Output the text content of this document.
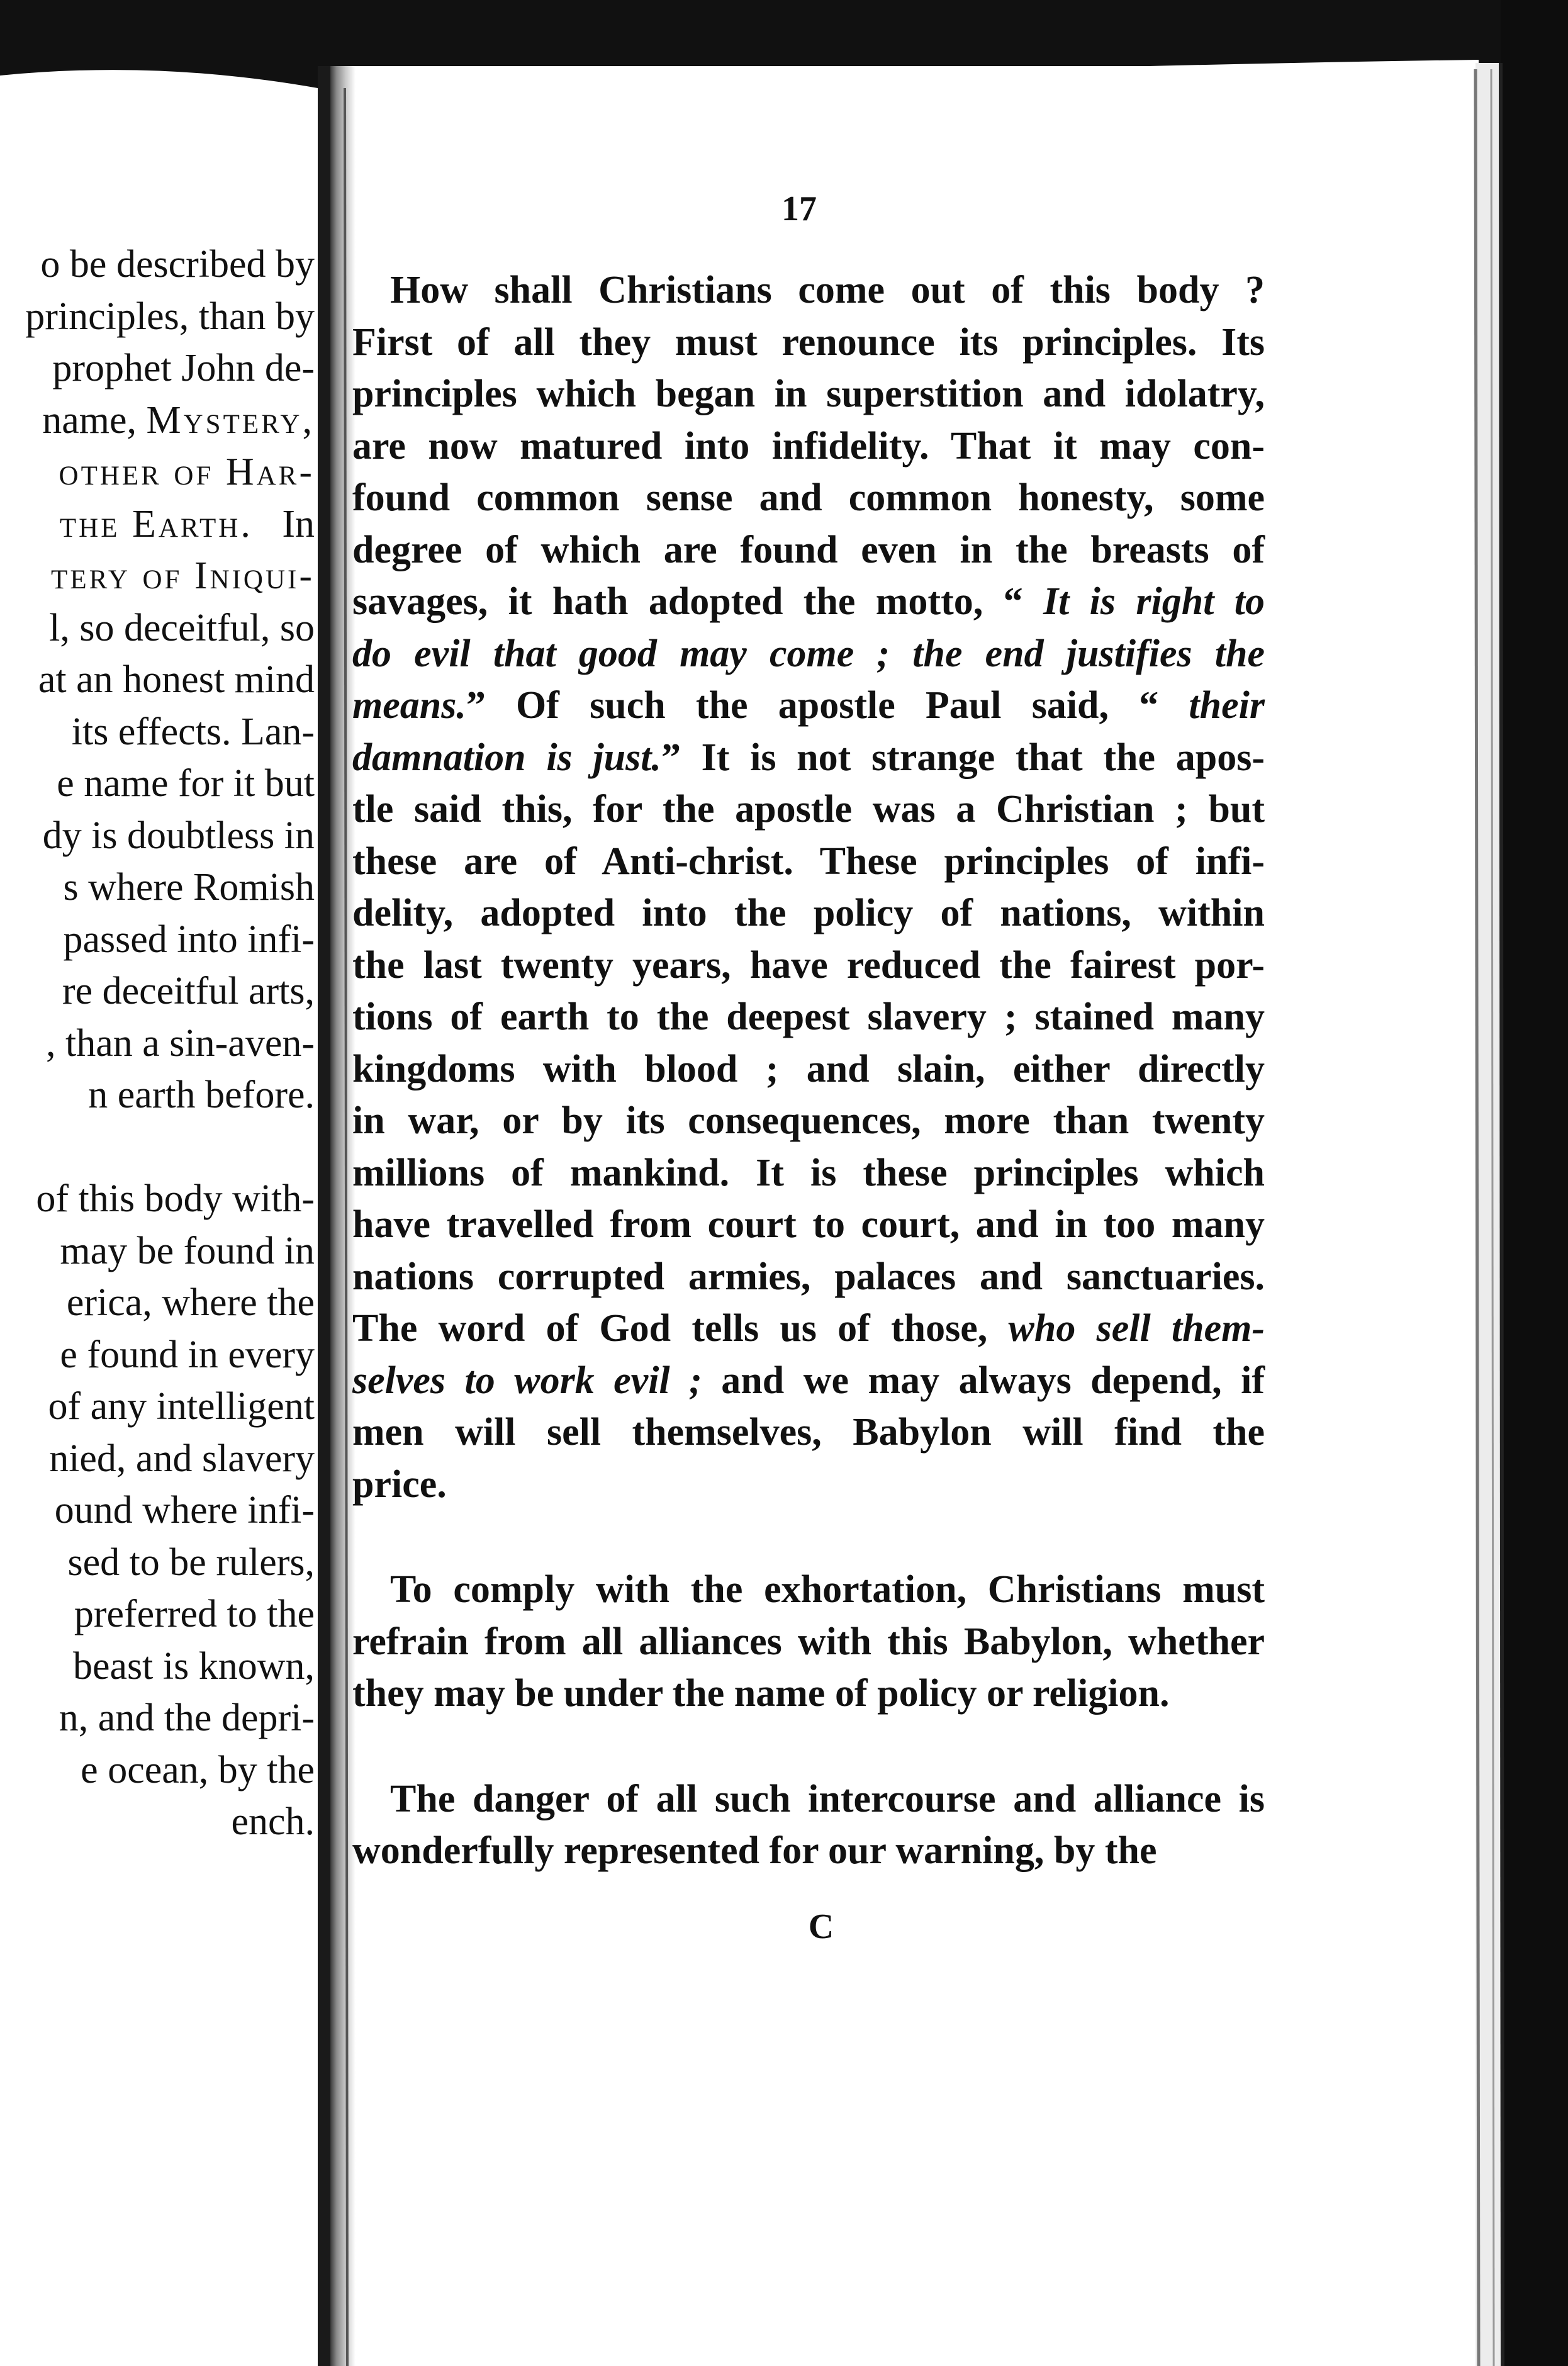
o be described by
principles, than by
prophet John de-
name, Mystery,
other of Har-
the Earth.   In
tery of Iniqui-
l, so deceitful, so
at an honest mind
its effects. Lan-
e name for it but
dy is doubtless in
s where Romish
passed into infi-
re deceitful arts,
, than a sin-aven-
n earth before.
of this body with-
may be found in
erica, where the
e found in every
of any intelligent
nied, and slavery
ound where infi-
sed to be rulers,
preferred to the
beast is known,
n, and the depri-
e ocean, by the
ench.
17
How shall Christians come out of this body ?
First of all they must renounce its principles. Its
principles which began in superstition and idolatry,
are now matured into infidelity. That it may con-
found common sense and common honesty, some
degree of which are found even in the breasts of
savages, it hath adopted the motto, “ It is right to
do evil that good may come ; the end justifies the
means.” Of such the apostle Paul said, “ their
damnation is just.” It is not strange that the apos-
tle said this, for the apostle was a Christian ; but
these are of Anti-christ. These principles of infi-
delity, adopted into the policy of nations, within
the last twenty years, have reduced the fairest por-
tions of earth to the deepest slavery ; stained many
kingdoms with blood ; and slain, either directly
in war, or by its consequences, more than twenty
millions of mankind. It is these principles which
have travelled from court to court, and in too many
nations corrupted armies, palaces and sanctuaries.
The word of God tells us of those, who sell them-
selves to work evil ; and we may always depend, if
men will sell themselves, Babylon will find the
price.
To comply with the exhortation, Christians must
refrain from all alliances with this Babylon, whether
they may be under the name of policy or religion.
The danger of all such intercourse and alliance is
wonderfully represented for our warning, by the
C
